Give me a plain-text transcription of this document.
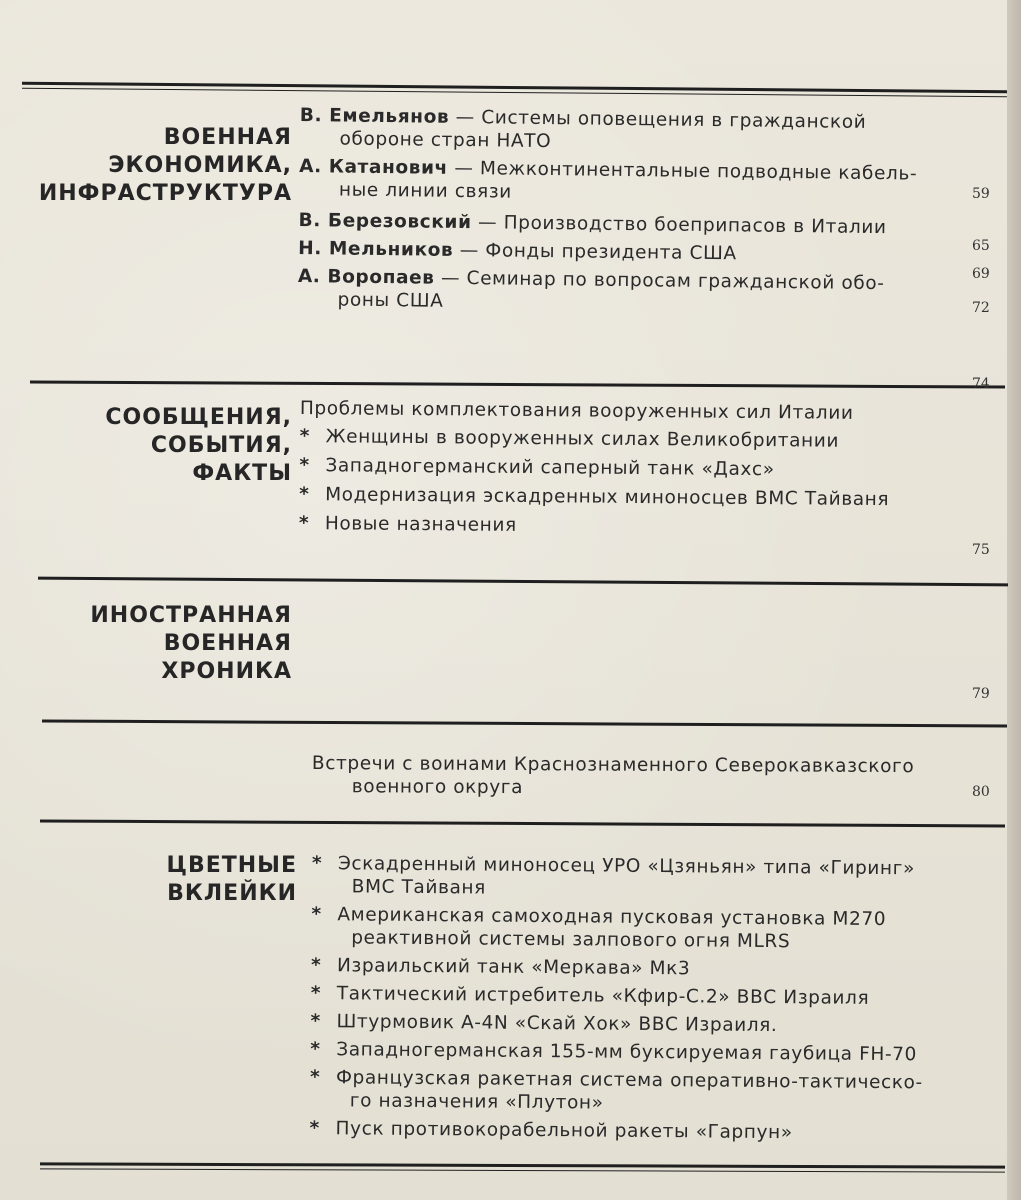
ВОЕННАЯ
ЭКОНОМИКА,
ИНФРАСТРУКТУРА
В. Емельянов — Системы оповещения в гражданской
обороне стран НАТО
А. Катанович — Межконтинентальные подводные кабель-
ные линии связи
В. Березовский — Производство боеприпасов в Италии
Н. Мельников — Фонды президента США
А. Воропаев — Семинар по вопросам гражданской обо-
роны США
59
65
69
72
74
СООБЩЕНИЯ,
СОБЫТИЯ,
ФАКТЫ
Проблемы комплектования вооруженных сил Италии
* Женщины в вооруженных силах Великобритании
* Западногерманский саперный танк «Дахс»
* Модернизация эскадренных миноносцев ВМС Тайваня
* Новые назначения
75
ИНОСТРАННАЯ
ВОЕННАЯ
ХРОНИКА
79
Встречи с воинами Краснознаменного Северокавказского
военного округа	80
ЦВЕТНЫЕ
ВКЛЕЙКИ
* Эскадренный миноносец УРО «Цзяньян» типа «Гиринг»
ВМС Тайваня
* Американская самоходная пусковая установка М270
реактивной системы залпового огня MLRS
* Израильский танк «Меркава» Мк3
* Тактический истребитель «Кфир-С.2» ВВС Израиля
* Штурмовик А-4N «Скай Хок» ВВС Израиля.
* Западногерманская 155-мм буксируемая гаубица FH-70
* Французская ракетная система оперативно-тактическо-
го назначения «Плутон»
* Пуск противокорабельной ракеты «Гарпун»
